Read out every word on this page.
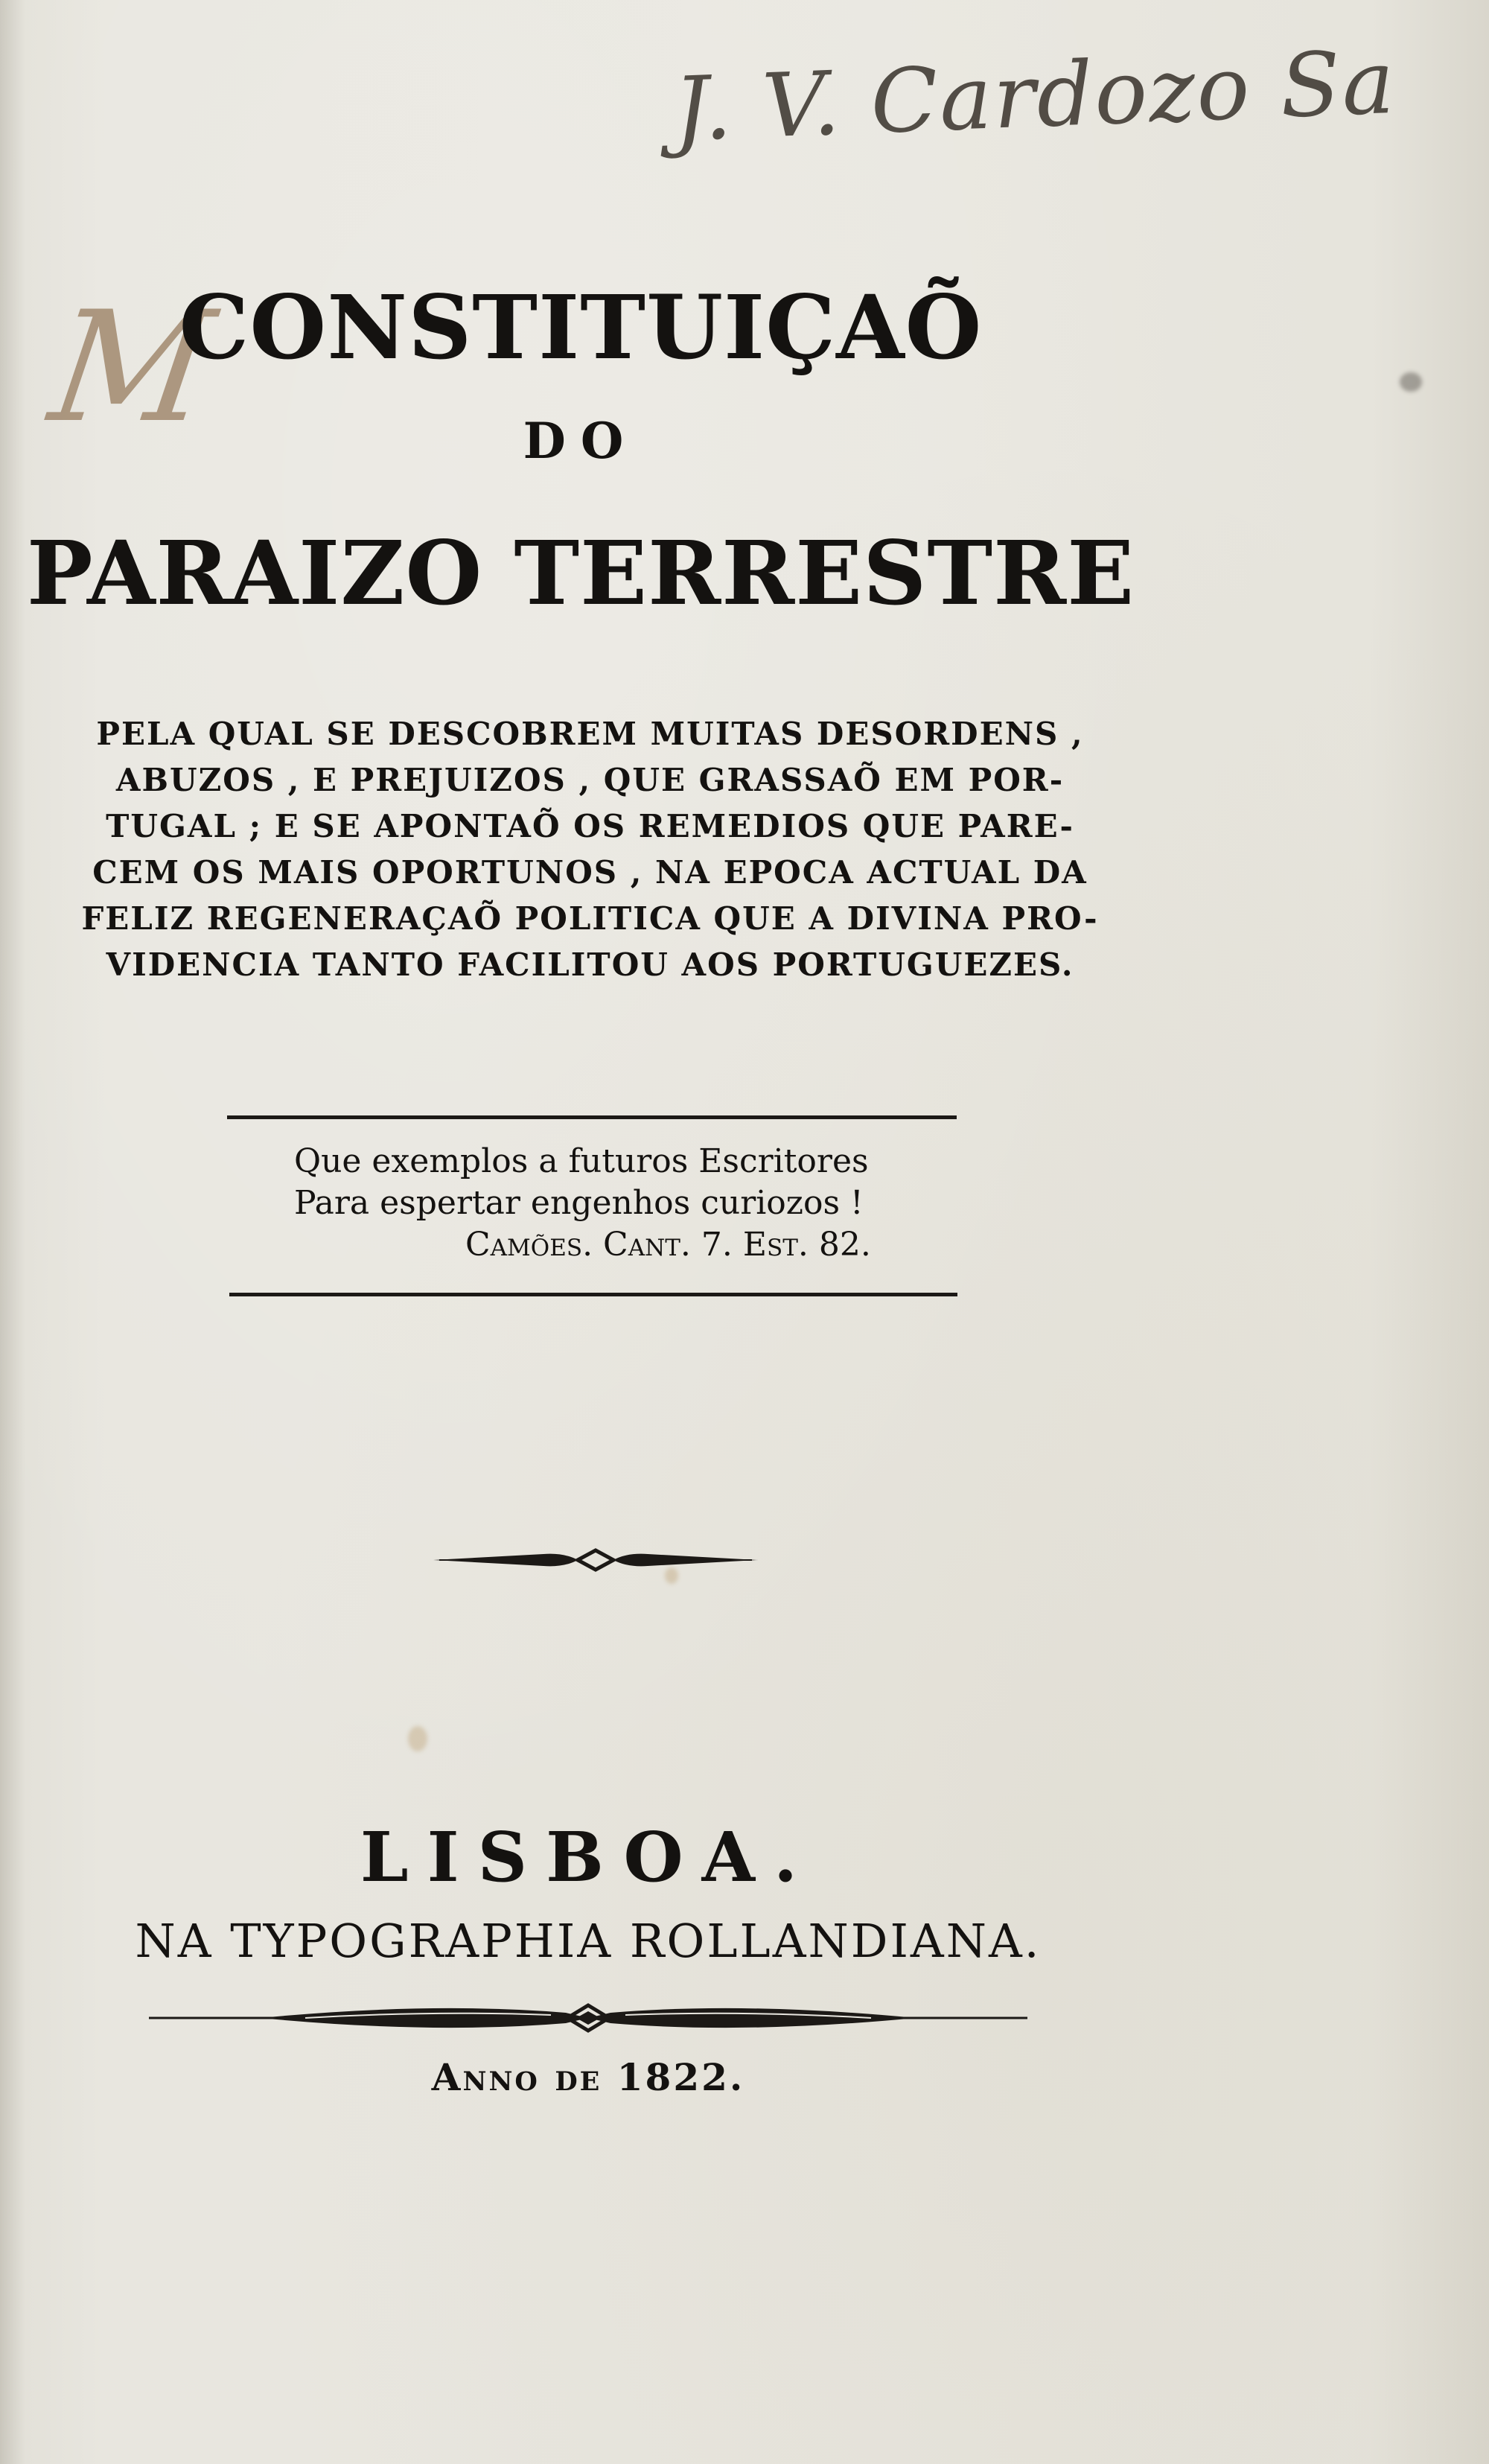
J. V. Cardozo Sa
M
CONSTITUIÇAÕ
DO
PARAIZO TERRESTRE
PELA QUAL SE DESCOBREM MUITAS DESORDENS ,
ABUZOS , E PREJUIZOS , QUE GRASSAÕ EM POR-
TUGAL ; E SE APONTAÕ OS REMEDIOS QUE PARE-
CEM OS MAIS OPORTUNOS , NA EPOCA ACTUAL DA
FELIZ REGENERAÇAÕ POLITICA QUE A DIVINA PRO-
VIDENCIA TANTO FACILITOU AOS PORTUGUEZES.
Que exemplos a futuros Escritores
Para espertar engenhos curiozos !
Camões. Cant. 7. Est. 82.
LISBOA.
NA TYPOGRAPHIA ROLLANDIANA.
Anno de 1822.
